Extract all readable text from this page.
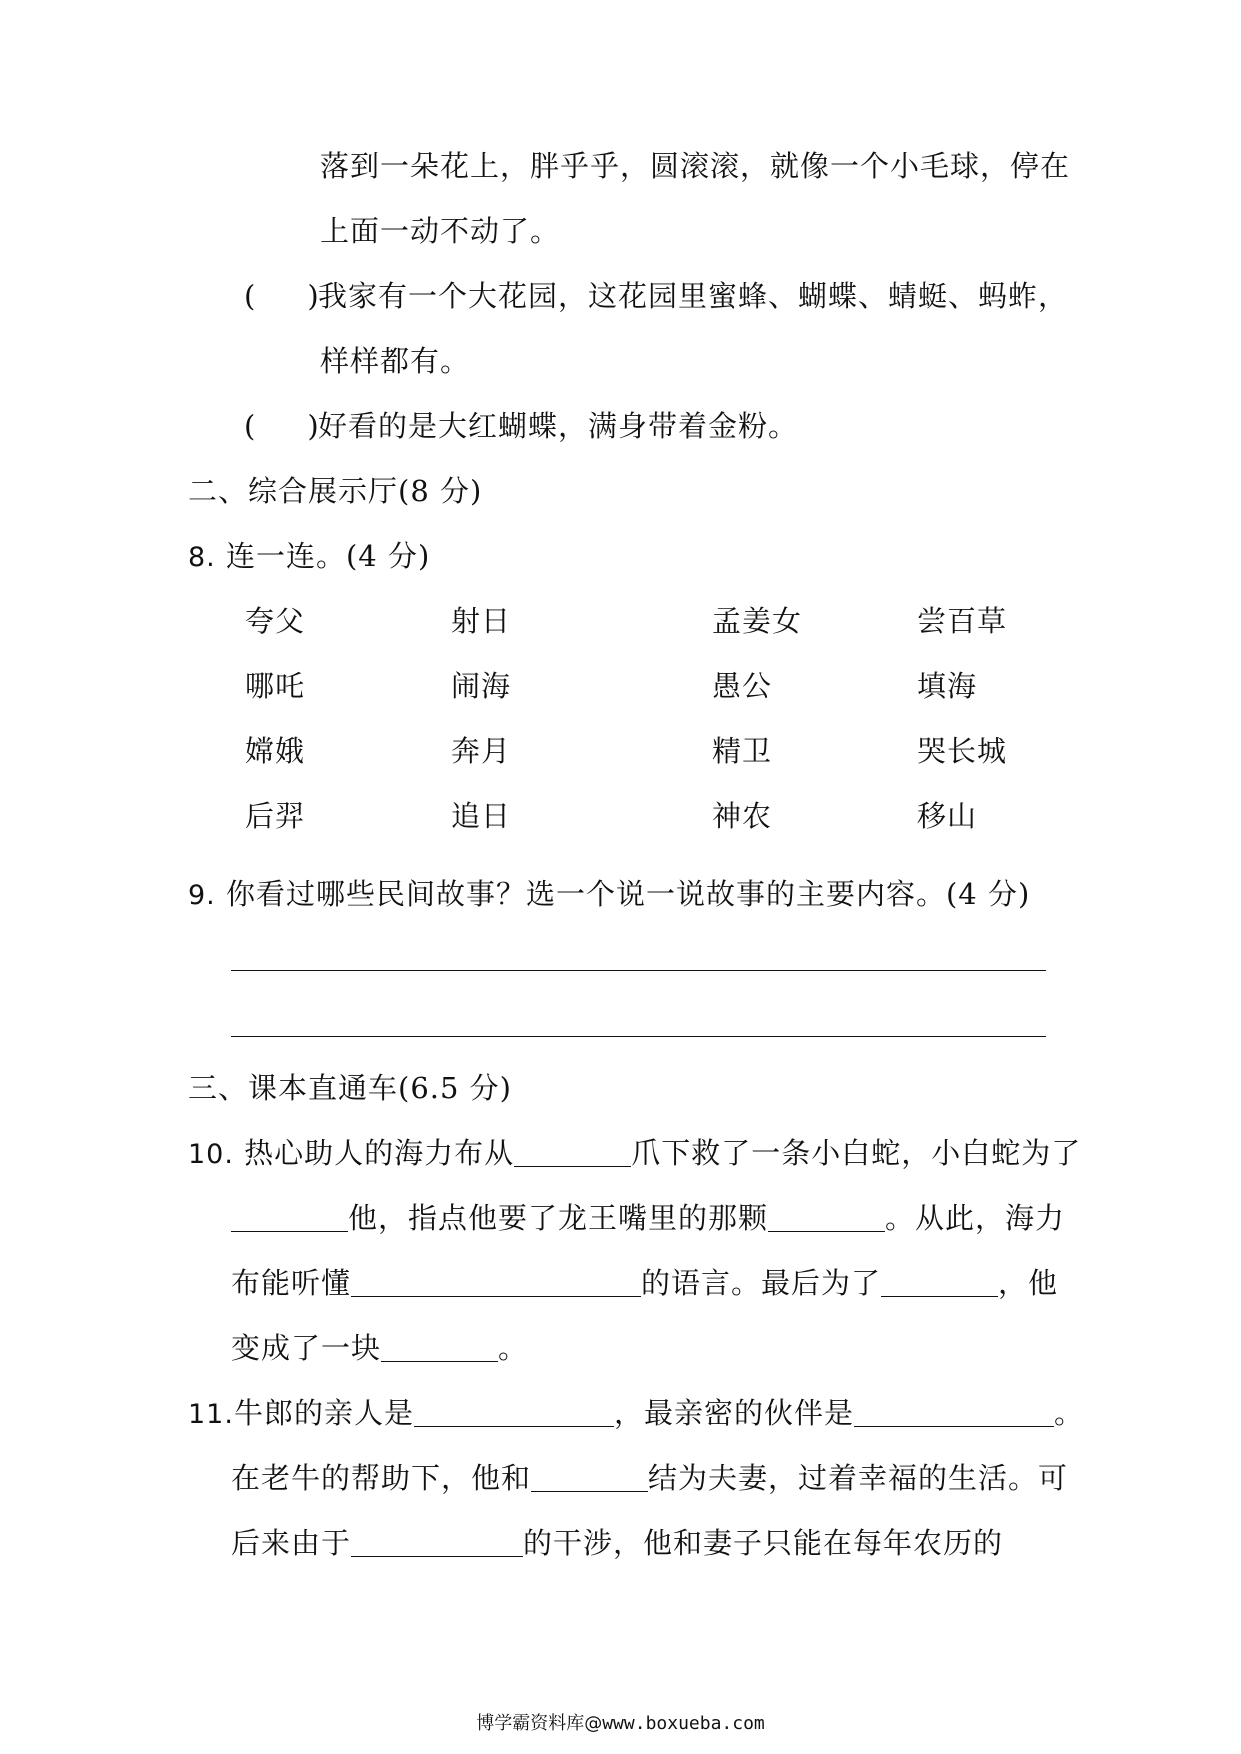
落到一朵花上，胖乎乎，圆滚滚，就像一个小毛球，停在
上面一动不动了。
( )我家有一个大花园，这花园里蜜蜂、蝴蝶、蜻蜓、蚂蚱，
样样都有。
( )好看的是大红蝴蝶，满身带着金粉。
二、综合展示厅(8 分)
8. 连一连。(4 分)
夸父	射日	孟姜女	尝百草
哪吒	闹海	愚公	填海
嫦娥	奔月	精卫	哭长城
后羿	追日	神农	移山
9. 你看过哪些民间故事？选一个说一说故事的主要内容。(4 分)
三、课本直通车(6.5 分)
10. 热心助人的海力布从	爪下救了一条小白蛇，小白蛇为了
他，指点他要了龙王嘴里的那颗	。从此，海力
布能听懂	的语言。最后为了	，他
变成了一块	。
11.牛郎的亲人是	，最亲密的伙伴是	。
在老牛的帮助下，他和	结为夫妻，过着幸福的生活。可
后来由于	的干涉，他和妻子只能在每年农历的
博学霸资料库@www.boxueba.com
